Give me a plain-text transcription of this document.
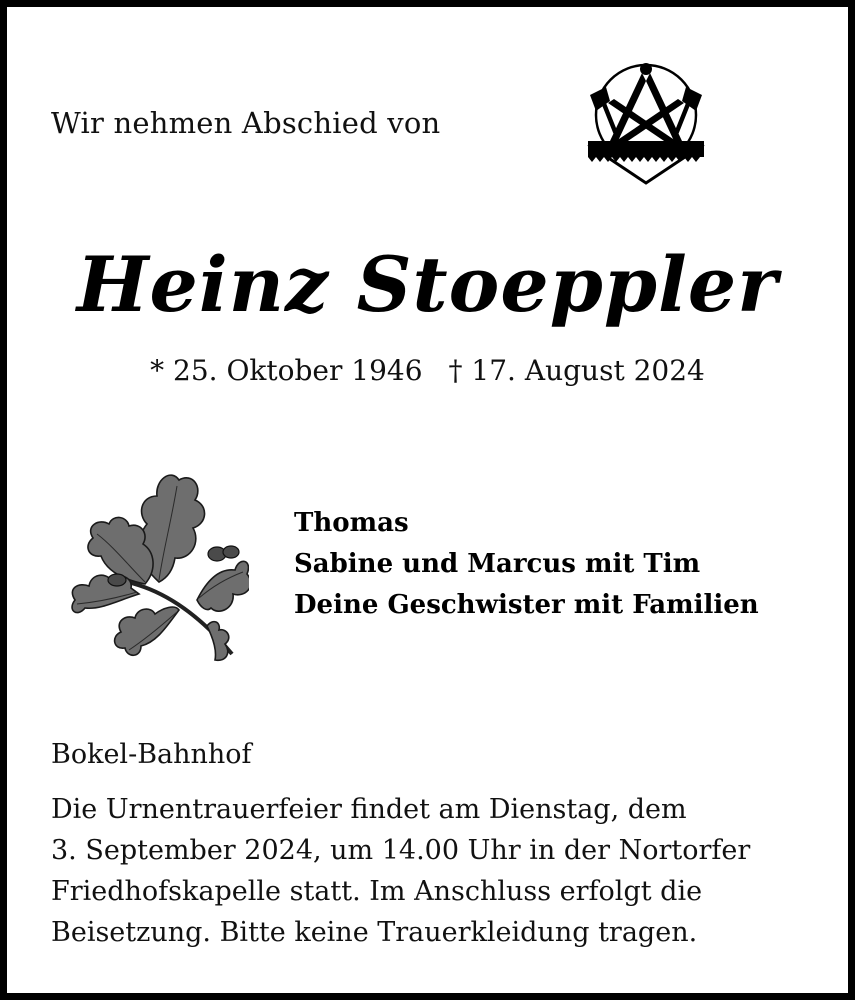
Wir nehmen Abschied von
Heinz Stoeppler
* 25. Oktober 1946 † 17. August 2024
Thomas
Sabine und Marcus mit Tim
Deine Geschwister mit Familien
Bokel-Bahnhof
Die Urnentrauerfeier findet am Dienstag, dem
3. September 2024, um 14.00 Uhr in der Nortorfer
Friedhofskapelle statt. Im Anschluss erfolgt die
Beisetzung. Bitte keine Trauerkleidung tragen.
